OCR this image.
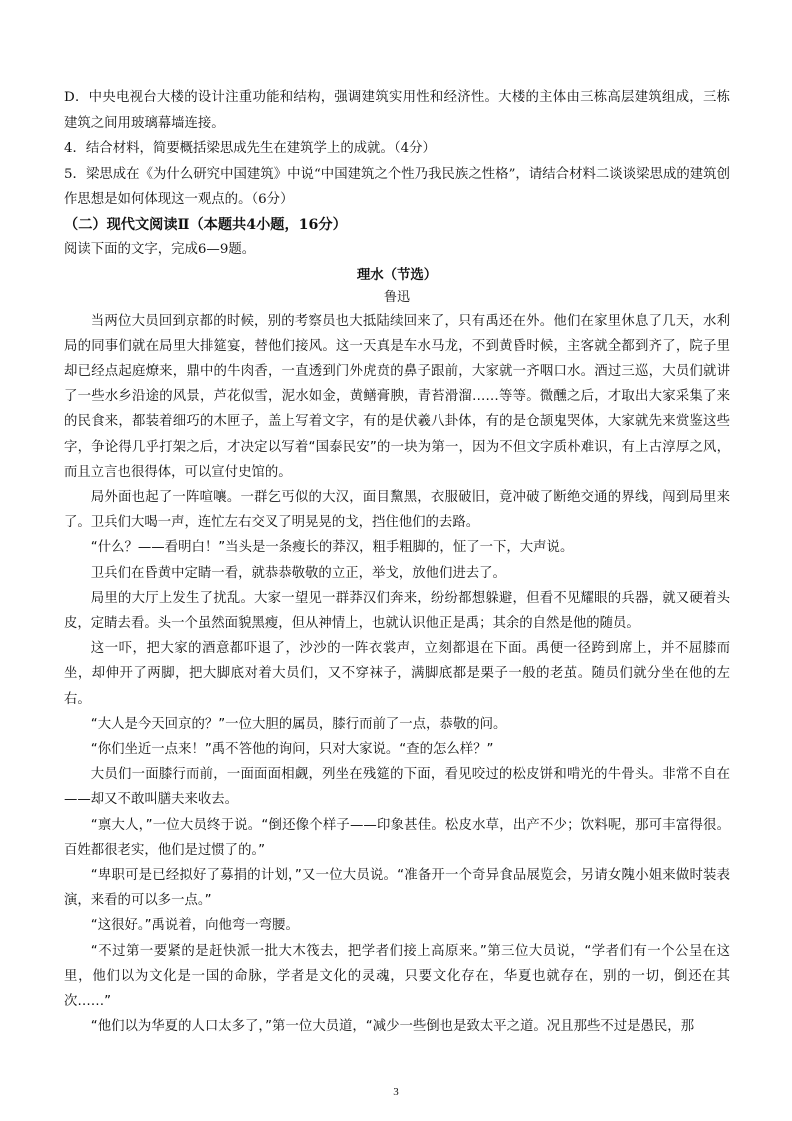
D．中央电视台大楼的设计注重功能和结构，强调建筑实用性和经济性。大楼的主体由三栋高层建筑组成，三栋建筑之间用玻璃幕墙连接。

4．结合材料，简要概括梁思成先生在建筑学上的成就。（4分）

5．梁思成在《为什么研究中国建筑》中说“中国建筑之个性乃我民族之性格”，请结合材料二谈谈梁思成的建筑创作思想是如何体现这一观点的。（6分）

（二）现代文阅读Ⅱ（本题共4小题，16分）

阅读下面的文字，完成6—9题。

理水（节选）

鲁迅

当两位大员回到京都的时候，别的考察员也大抵陆续回来了，只有禹还在外。他们在家里休息了几天，水利局的同事们就在局里大排筵宴，替他们接风。这一天真是车水马龙，不到黄昏时候，主客就全都到齐了，院子里却已经点起庭燎来，鼎中的牛肉香，一直透到门外虎贲的鼻子跟前，大家就一齐咽口水。酒过三巡，大员们就讲了一些水乡沿途的风景，芦花似雪，泥水如金，黄鳝膏腴，青苔滑溜……等等。微醺之后，才取出大家采集了来的民食来，都装着细巧的木匣子，盖上写着文字，有的是伏羲八卦体，有的是仓颉鬼哭体，大家就先来赏鉴这些字，争论得几乎打架之后，才决定以写着“国泰民安”的一块为第一，因为不但文字质朴难识，有上古淳厚之风，而且立言也很得体，可以宣付史馆的。

局外面也起了一阵喧嚷。一群乞丐似的大汉，面目黧黑，衣服破旧，竟冲破了断绝交通的界线，闯到局里来了。卫兵们大喝一声，连忙左右交叉了明晃晃的戈，挡住他们的去路。

“什么？——看明白！”当头是一条瘦长的莽汉，粗手粗脚的，怔了一下，大声说。

卫兵们在昏黄中定睛一看，就恭恭敬敬的立正，举戈，放他们进去了。

局里的大厅上发生了扰乱。大家一望见一群莽汉们奔来，纷纷都想躲避，但看不见耀眼的兵器，就又硬着头皮，定睛去看。头一个虽然面貌黑瘦，但从神情上，也就认识他正是禹；其余的自然是他的随员。

这一吓，把大家的酒意都吓退了，沙沙的一阵衣裳声，立刻都退在下面。禹便一径跨到席上，并不屈膝而坐，却伸开了两脚，把大脚底对着大员们，又不穿袜子，满脚底都是栗子一般的老茧。随员们就分坐在他的左右。

“大人是今天回京的？”一位大胆的属员，膝行而前了一点，恭敬的问。

“你们坐近一点来！”禹不答他的询问，只对大家说。“查的怎么样？”

大员们一面膝行而前，一面面面相觑，列坐在残筵的下面，看见咬过的松皮饼和啃光的牛骨头。非常不自在——却又不敢叫膳夫来收去。

“禀大人，”一位大员终于说。“倒还像个样子——印象甚佳。松皮水草，出产不少；饮料呢，那可丰富得很。百姓都很老实，他们是过惯了的。”

“卑职可是已经拟好了募捐的计划，”又一位大员说。“准备开一个奇异食品展览会，另请女隗小姐来做时装表演，来看的可以多一点。”

“这很好。”禹说着，向他弯一弯腰。

“不过第一要紧的是赶快派一批大木筏去，把学者们接上高原来。”第三位大员说，“学者们有一个公呈在这里，他们以为文化是一国的命脉，学者是文化的灵魂，只要文化存在，华夏也就存在，别的一切，倒还在其次……”

“他们以为华夏的人口太多了，”第一位大员道，“减少一些倒也是致太平之道。况且那些不过是愚民，那

3
